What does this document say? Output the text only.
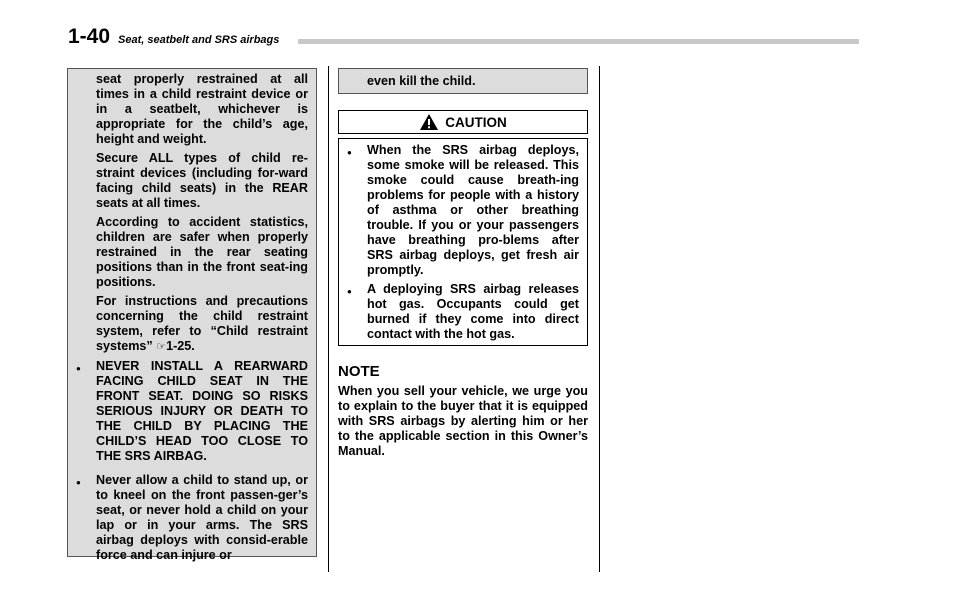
1-40 Seat, seatbelt and SRS airbags

seat properly restrained at all times in a child restraint device or in a seatbelt, whichever is appropriate for the child’s age, height and weight.

Secure ALL types of child re-straint devices (including for-ward facing child seats) in the REAR seats at all times.

According to accident statistics, children are safer when properly restrained in the rear seating positions than in the front seat-ing positions.

For instructions and precautions concerning the child restraint system, refer to “Child restraint systems” ☞1-25.

● NEVER INSTALL A REARWARD FACING CHILD SEAT IN THE FRONT SEAT. DOING SO RISKS SERIOUS INJURY OR DEATH TO THE CHILD BY PLACING THE CHILD’S HEAD TOO CLOSE TO THE SRS AIRBAG.
● Never allow a child to stand up, or to kneel on the front passen-ger’s seat, or never hold a child on your lap or in your arms. The SRS airbag deploys with consid-erable force and can injure or

even kill the child.

CAUTION
● When the SRS airbag deploys, some smoke will be released. This smoke could cause breath-ing problems for people with a history of asthma or other breathing trouble. If you or your passengers have breathing pro-blems after SRS airbag deploys, get fresh air promptly.
● A deploying SRS airbag releases hot gas. Occupants could get burned if they come into direct contact with the hot gas.
NOTE

When you sell your vehicle, we urge you to explain to the buyer that it is equipped with SRS airbags by alerting him or her to the applicable section in this Owner’s Manual.
